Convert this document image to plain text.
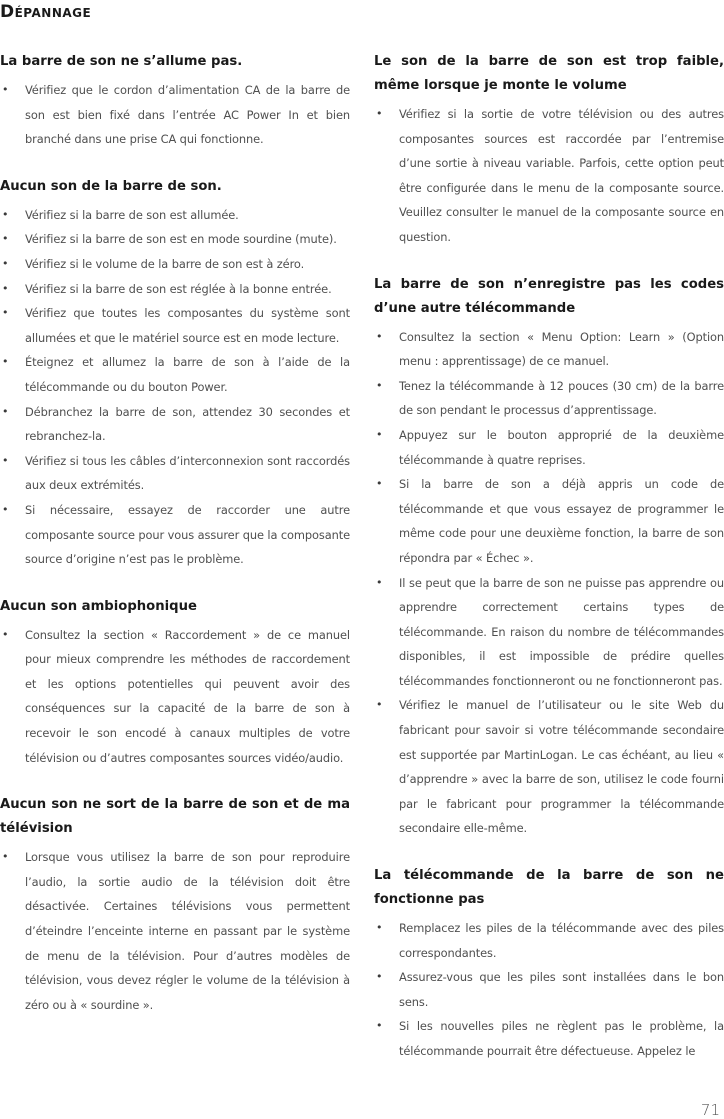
Dépannage
La barre de son ne s’allume pas.
• Vérifiez que le cordon d’alimentation CA de la barre de son est bien fixé dans l’entrée AC Power In et bien branché dans une prise CA qui fonctionne.
Aucun son de la barre de son.
• Vérifiez si la barre de son est allumée.
• Vérifiez si la barre de son est en mode sourdine (mute).
• Vérifiez si le volume de la barre de son est à zéro.
• Vérifiez si la barre de son est réglée à la bonne entrée.
• Vérifiez que toutes les composantes du système sont allumées et que le matériel source est en mode lecture.
• Éteignez et allumez la barre de son à l’aide de la télécommande ou du bouton Power.
• Débranchez la barre de son, attendez 30 secondes et rebranchez-la.
• Vérifiez si tous les câbles d’interconnexion sont raccordés aux deux extrémités.
• Si nécessaire, essayez de raccorder une autre composante source pour vous assurer que la composante source d’origine n’est pas le problème.
Aucun son ambiophonique
• Consultez la section « Raccordement » de ce manuel pour mieux comprendre les méthodes de raccordement et les options potentielles qui peuvent avoir des conséquences sur la capacité de la barre de son à recevoir le son encodé à canaux multiples de votre télévision ou d’autres composantes sources vidéo/audio.
Aucun son ne sort de la barre de son et de ma télévision
• Lorsque vous utilisez la barre de son pour reproduire l’audio, la sortie audio de la télévision doit être désactivée. Certaines télévisions vous permettent d’éteindre l’enceinte interne en passant par le système de menu de la télévision. Pour d’autres modèles de télévision, vous devez régler le volume de la télévision à zéro ou à « sourdine ».
Le son de la barre de son est trop faible, même lorsque je monte le volume
• Vérifiez si la sortie de votre télévision ou des autres composantes sources est raccordée par l’entremise d’une sortie à niveau variable. Parfois, cette option peut être configurée dans le menu de la composante source. Veuillez consulter le manuel de la composante source en question.
La barre de son n’enregistre pas les codes d’une autre télécommande
• Consultez la section « Menu Option: Learn » (Option menu : apprentissage) de ce manuel.
• Tenez la télécommande à 12 pouces (30 cm) de la barre de son pendant le processus d’apprentissage.
• Appuyez sur le bouton approprié de la deuxième télécommande à quatre reprises.
• Si la barre de son a déjà appris un code de télécommande et que vous essayez de programmer le même code pour une deuxième fonction, la barre de son répondra par « Échec ».
• Il se peut que la barre de son ne puisse pas apprendre ou apprendre correctement certains types de télécommande. En raison du nombre de télécommandes disponibles, il est impossible de prédire quelles télécommandes fonctionneront ou ne fonctionneront pas.
• Vérifiez le manuel de l’utilisateur ou le site Web du fabricant pour savoir si votre télécommande secondaire est supportée par MartinLogan. Le cas échéant, au lieu « d’apprendre » avec la barre de son, utilisez le code fourni par le fabricant pour programmer la télécommande secondaire elle-même.
La télécommande de la barre de son ne fonctionne pas
• Remplacez les piles de la télécommande avec des piles correspondantes.
• Assurez-vous que les piles sont installées dans le bon sens.
• Si les nouvelles piles ne règlent pas le problème, la télécommande pourrait être défectueuse. Appelez le
71
